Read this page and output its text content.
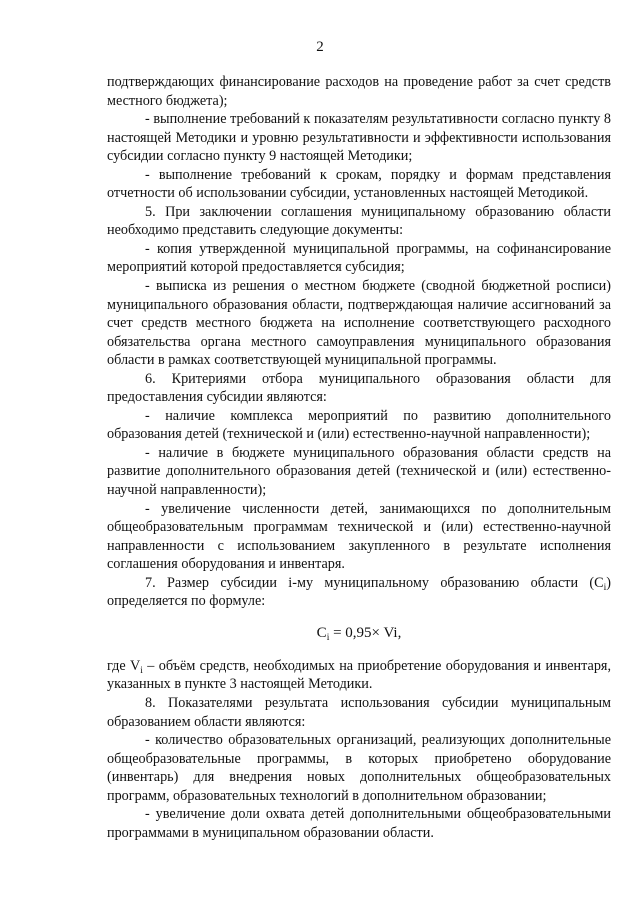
2

подтверждающих финансирование расходов на проведение работ за счет средств местного бюджета);

- выполнение требований к показателям результативности согласно пункту 8 настоящей Методики и уровню результативности и эффективности использования субсидии согласно пункту 9 настоящей Методики;

- выполнение требований к срокам, порядку и формам представления отчетности об использовании субсидии, установленных настоящей Методикой.

5. При заключении соглашения муниципальному образованию области необходимо представить следующие документы:

- копия утвержденной муниципальной программы, на софинансирование мероприятий которой предоставляется субсидия;

- выписка из решения о местном бюджете (сводной бюджетной росписи) муниципального образования области, подтверждающая наличие ассигнований за счет средств местного бюджета на исполнение соответствующего расходного обязательства органа местного самоуправления муниципального образования области в рамках соответствующей муниципальной программы.

6. Критериями отбора муниципального образования области для предоставления субсидии являются:

- наличие комплекса мероприятий по развитию дополнительного образования детей (технической и (или) естественно-научной направленности);

- наличие в бюджете муниципального образования области средств на развитие дополнительного образования детей (технической и (или) естественно-научной направленности);

- увеличение численности детей, занимающихся по дополнительным общеобразовательным программам технической и (или) естественно-научной направленности с использованием закупленного в результате исполнения соглашения оборудования и инвентаря.

7. Размер субсидии i-му муниципальному образованию области $(C_i)$ определяется по формуле:

$C_i = 0,95\times Vi$,

где $V_i$ – объём средств, необходимых на приобретение оборудования и инвентаря, указанных в пункте 3 настоящей Методики.

8. Показателями результата использования субсидии муниципальным образованием области являются:

- количество образовательных организаций, реализующих дополнительные общеобразовательные программы, в которых приобретено оборудование (инвентарь) для внедрения новых дополнительных общеобразовательных программ, образовательных технологий в дополнительном образовании;

- увеличение доли охвата детей дополнительными общеобразовательными программами в муниципальном образовании области.
